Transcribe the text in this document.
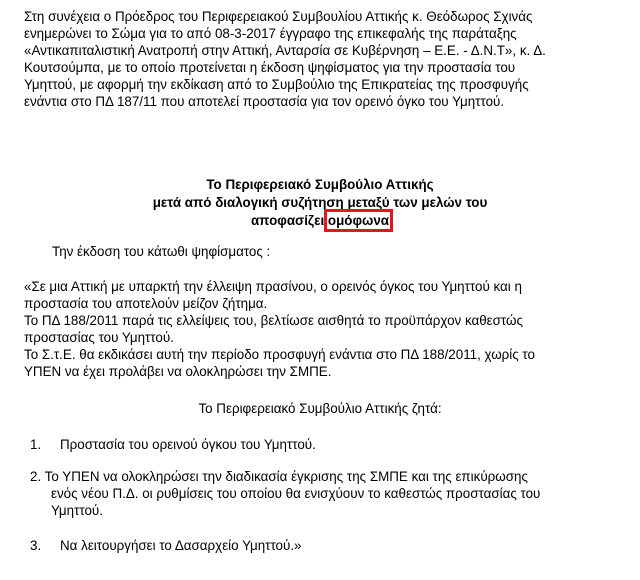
Στη συνέχεια ο Πρόεδρος του Περιφερειακού Συμβουλίου Αττικής κ. Θεόδωρος Σχινάς
ενημερώνει το Σώμα για το από 08-3-2017 έγγραφο της επικεφαλής της παράταξης
«Αντικαπιταλιστική Ανατροπή στην Αττική, Ανταρσία σε Κυβέρνηση – Ε.Ε. - Δ.Ν.Τ», κ. Δ.
Κουτσούμπα, με το οποίο προτείνεται η έκδοση ψηφίσματος για την προστασία του
Υμηττού, με αφορμή την εκδίκαση από το Συμβούλιο της Επικρατείας της προσφυγής
ενάντια στο ΠΔ 187/11 που αποτελεί προστασία για τον ορεινό όγκο του Υμηττού.
Το Περιφερειακό Συμβούλιο Αττικής
μετά από διαλογική συζήτηση μεταξύ των μελών του
αποφασίζει ομόφωνα
Την έκδοση του κάτωθι ψηφίσματος :
«Σε μια Αττική με υπαρκτή την έλλειψη πρασίνου, ο ορεινός όγκος του Υμηττού και η
προστασία του αποτελούν μείζον ζήτημα.
Το ΠΔ 188/2011 παρά τις ελλείψεις του, βελτίωσε αισθητά το προϋπάρχον καθεστώς
προστασίας του Υμηττού.
Το Σ.τ.Ε. θα εκδικάσει αυτή την περίοδο προσφυγή ενάντια στο ΠΔ 188/2011, χωρίς το
ΥΠΕΝ να έχει προλάβει να ολοκληρώσει την ΣΜΠΕ.
Το Περιφερειακό Συμβούλιο Αττικής ζητά:
1. Προστασία του ορεινού όγκου του Υμηττού.
2. Το ΥΠΕΝ να ολοκληρώσει την διαδικασία έγκρισης της ΣΜΠΕ και της επικύρωσης
ενός νέου Π.Δ. οι ρυθμίσεις του οποίου θα ενισχύουν το καθεστώς προστασίας του
Υμηττού.
3. Να λειτουργήσει το Δασαρχείο Υμηττού.»
